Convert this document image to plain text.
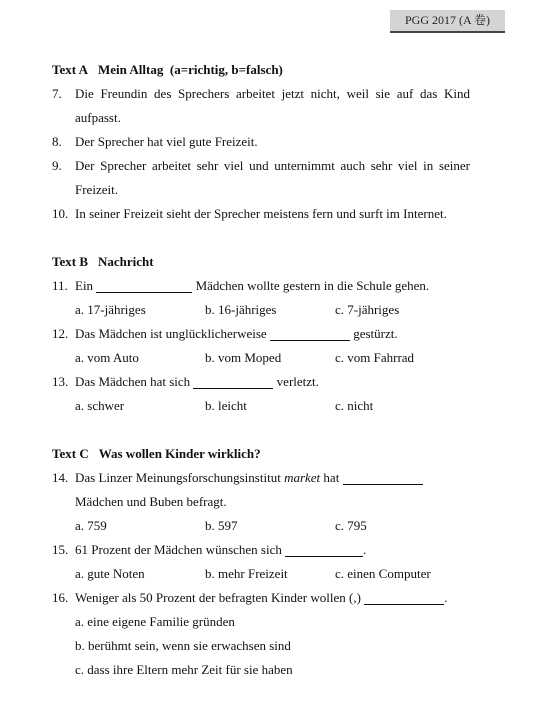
PGG 2017 (A 卷)
Text A Mein Alltag (a=richtig, b=falsch)
7.	Die Freundin des Sprechers arbeitet jetzt nicht, weil sie auf das Kind
aufpasst.
8.	Der Sprecher hat viel gute Freizeit.
9.	Der Sprecher arbeitet sehr viel und unternimmt auch sehr viel in seiner
Freizeit.
10. In seiner Freizeit sieht der Sprecher meistens fern und surft im Internet.
Text B Nachricht
11. Ein	Mädchen wollte gestern in die Schule gehen.
a. 17-jähriges	b. 16-jähriges	c. 7-jähriges
12. Das Mädchen ist unglücklicherweise	gestürzt.
a. vom Auto	b. vom Moped	c. vom Fahrrad
13. Das Mädchen hat sich	verletzt.
a. schwer	b. leicht	c. nicht
Text C Was wollen Kinder wirklich?
14. Das Linzer Meinungsforschungsinstitut market hat
Mädchen und Buben befragt.
a. 759	b. 597	c. 795
15. 61 Prozent der Mädchen wünschen sich	.
a. gute Noten	b. mehr Freizeit	c. einen Computer
16. Weniger als 50 Prozent der befragten Kinder wollen (,)	.
a. eine eigene Familie gründen
b. berühmt sein, wenn sie erwachsen sind
c. dass ihre Eltern mehr Zeit für sie haben
